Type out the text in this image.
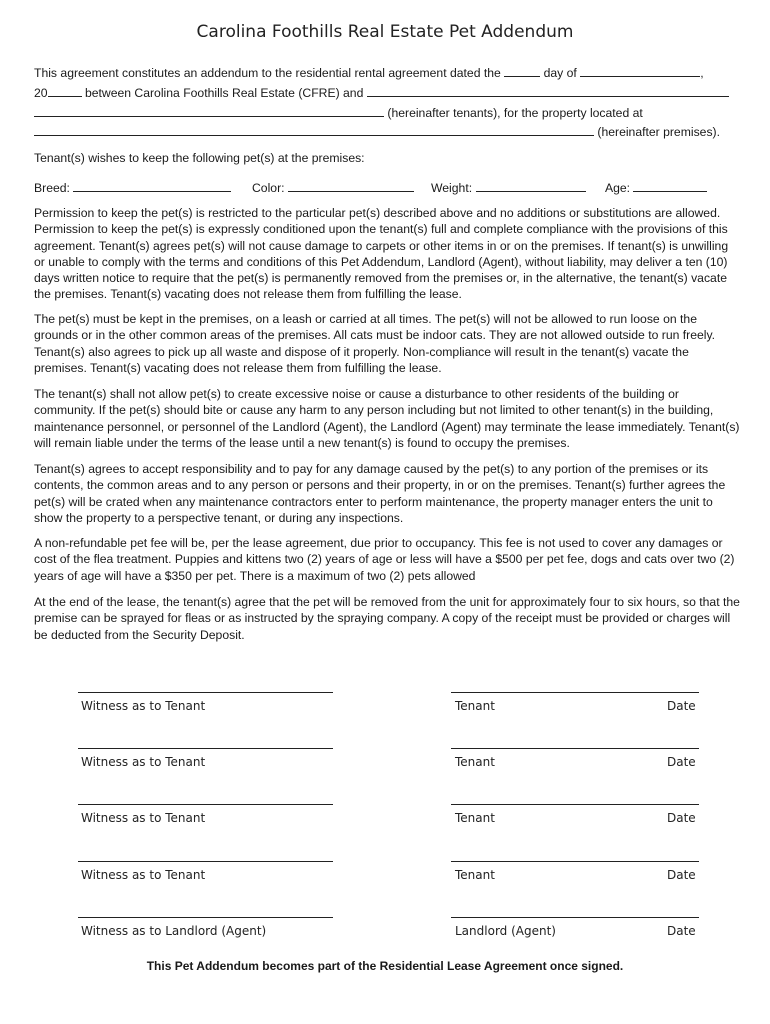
Carolina Foothills Real Estate Pet Addendum
This agreement constitutes an addendum to the residential rental agreement dated the	day of	,
20	between Carolina Foothills Real Estate (CFRE) and
(hereinafter tenants), for the property located at
(hereinafter premises).
Tenant(s) wishes to keep the following pet(s) at the premises:
Breed:	Color:	Weight:	Age:

Permission to keep the pet(s) is restricted to the particular pet(s) described above and no additions or substitutions are allowed. Permission to keep the pet(s) is expressly conditioned upon the tenant(s) full and complete compliance with the provisions of this agreement. Tenant(s) agrees pet(s) will not cause damage to carpets or other items in or on the premises. If tenant(s) is unwilling or unable to comply with the terms and conditions of this Pet Addendum, Landlord (Agent), without liability, may deliver a ten (10) days written notice to require that the pet(s) is permanently removed from the premises or, in the alternative, the tenant(s) vacate the premises. Tenant(s) vacating does not release them from fulfilling the lease.

The pet(s) must be kept in the premises, on a leash or carried at all times. The pet(s) will not be allowed to run loose on the grounds or in the other common areas of the premises. All cats must be indoor cats. They are not allowed outside to run freely. Tenant(s) also agrees to pick up all waste and dispose of it properly. Non-compliance will result in the tenant(s) vacate the premises. Tenant(s) vacating does not release them from fulfilling the lease.

The tenant(s) shall not allow pet(s) to create excessive noise or cause a disturbance to other residents of the building or community. If the pet(s) should bite or cause any harm to any person including but not limited to other tenant(s) in the building, maintenance personnel, or personnel of the Landlord (Agent), the Landlord (Agent) may terminate the lease immediately. Tenant(s) will remain liable under the terms of the lease until a new tenant(s) is found to occupy the premises.

Tenant(s) agrees to accept responsibility and to pay for any damage caused by the pet(s) to any portion of the premises or its contents, the common areas and to any person or persons and their property, in or on the premises. Tenant(s) further agrees the pet(s) will be crated when any maintenance contractors enter to perform maintenance, the property manager enters the unit to show the property to a perspective tenant, or during any inspections.

A non-refundable pet fee will be, per the lease agreement, due prior to occupancy. This fee is not used to cover any damages or cost of the flea treatment. Puppies and kittens two (2) years of age or less will have a $500 per pet fee, dogs and cats over two (2) years of age will have a $350 per pet. There is a maximum of two (2) pets allowed

At the end of the lease, the tenant(s) agree that the pet will be removed from the unit for approximately four to six hours, so that the premise can be sprayed for fleas or as instructed by the spraying company. A copy of the receipt must be provided or charges will be deducted from the Security Deposit.

Witness as to Tenant	Tenant	Date
Witness as to Tenant	Tenant	Date
Witness as to Tenant	Tenant	Date
Witness as to Tenant	Tenant	Date
Witness as to Landlord (Agent)	Landlord (Agent)	Date
This Pet Addendum becomes part of the Residential Lease Agreement once signed.
